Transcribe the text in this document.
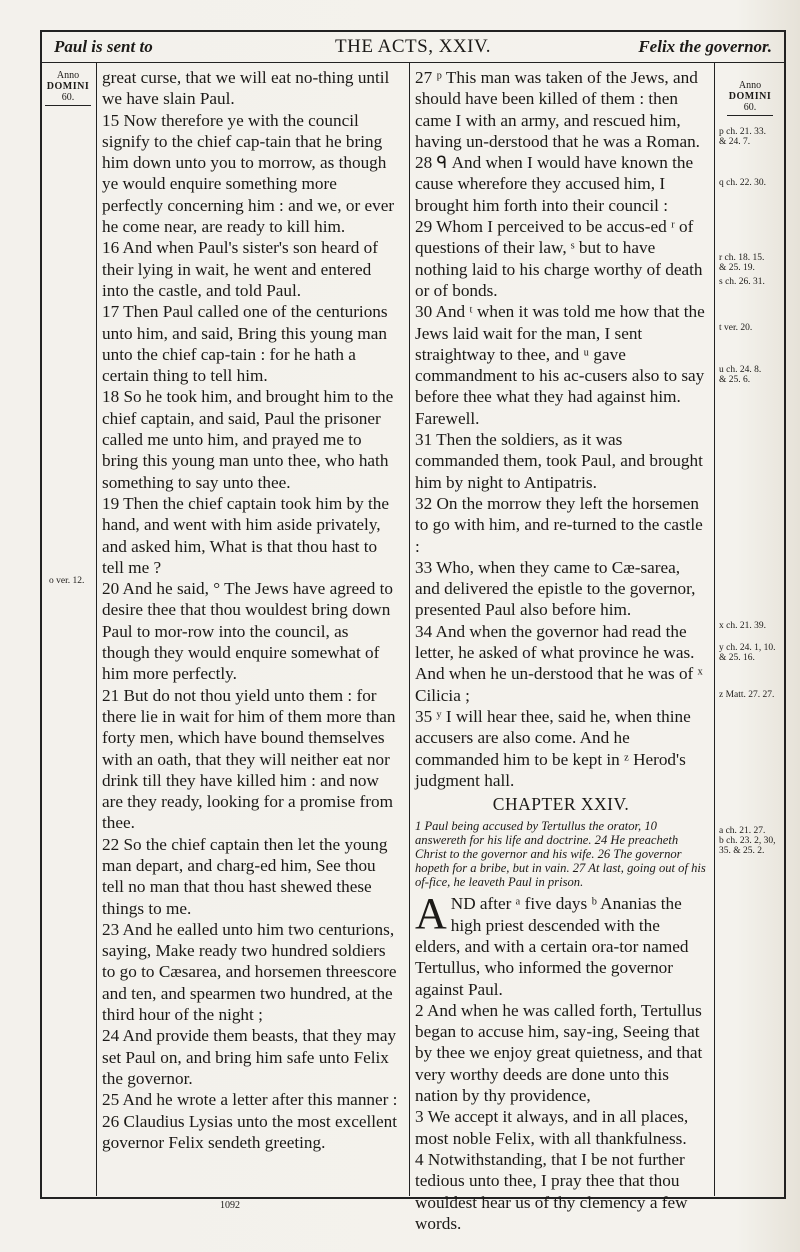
Paul is sent to	THE ACTS, XXIV.	Felix the governor.
Anno
DOMINI
60.
o ver. 12.
Anno
DOMINI
60.
p ch. 21. 33.
& 24. 7.
q ch. 22. 30.
r ch. 18. 15.
& 25. 19.
s ch. 26. 31.
t ver. 20.
u ch. 24. 8.
& 25. 6.
x ch. 21. 39.
y ch. 24. 1, 10.
& 25. 16.
z Matt. 27. 27.
a ch. 21. 27.
b ch. 23. 2, 30,
35. & 25. 2.

great curse, that we will eat no-thing until we have slain Paul.

15 Now therefore ye with the council signify to the chief cap-tain that he bring him down unto you to morrow, as though ye would enquire something more perfectly concerning him : and we, or ever he come near, are ready to kill him.

16 And when Paul's sister's son heard of their lying in wait, he went and entered into the castle, and told Paul.

17 Then Paul called one of the centurions unto him, and said, Bring this young man unto the chief cap-tain : for he hath a certain thing to tell him.

18 So he took him, and brought him to the chief captain, and said, Paul the prisoner called me unto him, and prayed me to bring this young man unto thee, who hath something to say unto thee.

19 Then the chief captain took him by the hand, and went with him aside privately, and asked him, What is that thou hast to tell me ?

20 And he said, ° The Jews have agreed to desire thee that thou wouldest bring down Paul to mor-row into the council, as though they would enquire somewhat of him more perfectly.

21 But do not thou yield unto them : for there lie in wait for him of them more than forty men, which have bound themselves with an oath, that they will neither eat nor drink till they have killed him : and now are they ready, looking for a promise from thee.

22 So the chief captain then let the young man depart, and charg-ed him, See thou tell no man that thou hast shewed these things to me.

23 And he ealled unto him two centurions, saying, Make ready two hundred soldiers to go to Cæsarea, and horsemen threescore and ten, and spearmen two hundred, at the third hour of the night ;

24 And provide them beasts, that they may set Paul on, and bring him safe unto Felix the governor.

25 And he wrote a letter after this manner :

26 Claudius Lysias unto the most excellent governor Felix sendeth greeting.

27 ᵖ This man was taken of the Jews, and should have been killed of them : then came I with an army, and rescued him, having un-derstood that he was a Roman.

28 ᑫ And when I would have known the cause wherefore they accused him, I brought him forth into their council :

29 Whom I perceived to be accus-ed ʳ of questions of their law, ˢ but to have nothing laid to his charge worthy of death or of bonds.

30 And ᵗ when it was told me how that the Jews laid wait for the man, I sent straightway to thee, and ᵘ gave commandment to his ac-cusers also to say before thee what they had against him. Farewell.

31 Then the soldiers, as it was commanded them, took Paul, and brought him by night to Antipatris.

32 On the morrow they left the horsemen to go with him, and re-turned to the castle :

33 Who, when they came to Cæ-sarea, and delivered the epistle to the governor, presented Paul also before him.

34 And when the governor had read the letter, he asked of what province he was. And when he un-derstood that he was of ˣ Cilicia ;

35 ʸ I will hear thee, said he, when thine accusers are also come. And he commanded him to be kept in ᶻ Herod's judgment hall.

CHAPTER XXIV.

1 Paul being accused by Tertullus the orator, 10 answereth for his life and doctrine. 24 He preacheth Christ to the governor and his wife. 26 The governor hopeth for a bribe, but in vain. 27 At last, going out of his of-fice, he leaveth Paul in prison.

AND after ᵃ five days ᵇ Ananias the high priest descended with the elders, and with a certain ora-tor named Tertullus, who informed the governor against Paul.

2 And when he was called forth, Tertullus began to accuse him, say-ing, Seeing that by thee we enjoy great quietness, and that very worthy deeds are done unto this nation by thy providence,

3 We accept it always, and in all places, most noble Felix, with all thankfulness.

4 Notwithstanding, that I be not further tedious unto thee, I pray thee that thou wouldest hear us of thy clemency a few words.

1092
